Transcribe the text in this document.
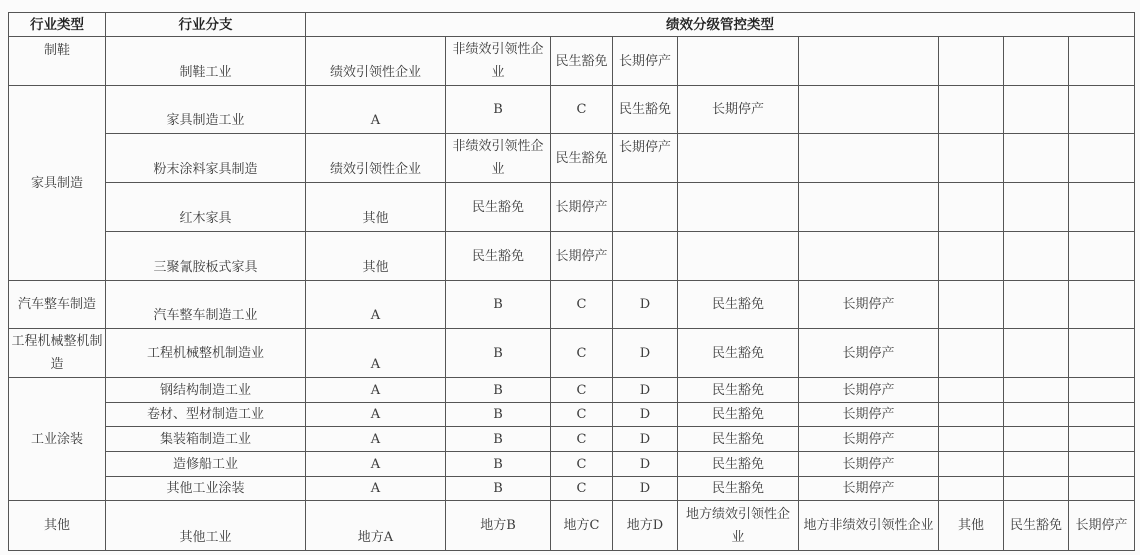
行业类型	行业分支	绩效分级管控类型								
制鞋	制鞋工业	绩效引领性企业	非绩效引领性企业	民生豁免	长期停产					
家具制造	家具制造工业	A	B	C	民生豁免	长期停产				
	粉末涂料家具制造	绩效引领性企业	非绩效引领性企业	民生豁免	长期停产					
	红木家具	其他	民生豁免	长期停产						
	三聚氰胺板式家具	其他	民生豁免	长期停产						
汽车整车制造	汽车整车制造工业	A	B	C	D	民生豁免	长期停产			
工程机械整机制造	工程机械整机制造业	A	B	C	D	民生豁免	长期停产			
工业涂装	钢结构制造工业	A	B	C	D	民生豁免	长期停产			
	卷材、型材制造工业	A	B	C	D	民生豁免	长期停产			
	集装箱制造工业	A	B	C	D	民生豁免	长期停产			
	造修船工业	A	B	C	D	民生豁免	长期停产			
	其他工业涂装	A	B	C	D	民生豁免	长期停产			
其他	其他工业	地方A	地方B	地方C	地方D	地方绩效引领性企业	地方非绩效引领性企业	其他	民生豁免	长期停产
